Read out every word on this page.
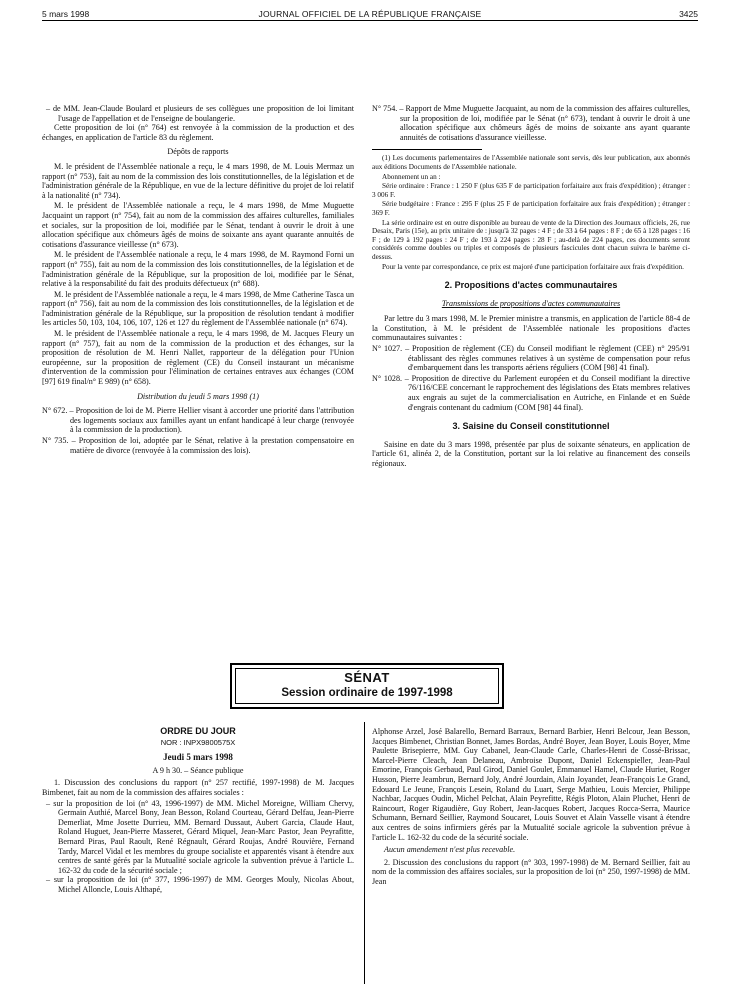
5 mars 1998	JOURNAL OFFICIEL DE LA RÉPUBLIQUE FRANÇAISE	3425

– de MM. Jean-Claude Boulard et plusieurs de ses collègues une proposition de loi limitant l'usage de l'appellation et de l'enseigne de boulangerie.

Cette proposition de loi (n° 764) est renvoyée à la commission de la production et des échanges, en application de l'article 83 du règlement.

Dépôts de rapports

M. le président de l'Assemblée nationale a reçu, le 4 mars 1998, de M. Louis Mermaz un rapport (n° 753), fait au nom de la commission des lois constitutionnelles, de la législation et de l'administration générale de la République, en vue de la lecture définitive du projet de loi relatif à la nationalité (n° 734).

M. le président de l'Assemblée nationale a reçu, le 4 mars 1998, de Mme Muguette Jacquaint un rapport (n° 754), fait au nom de la commission des affaires culturelles, familiales et sociales, sur la proposition de loi, modifiée par le Sénat, tendant à ouvrir le droit à une allocation spécifique aux chômeurs âgés de moins de soixante ans ayant quarante annuités de cotisations d'assurance vieillesse (n° 673).

M. le président de l'Assemblée nationale a reçu, le 4 mars 1998, de M. Raymond Forni un rapport (n° 755), fait au nom de la commission des lois constitutionnelles, de la législation et de l'administration générale de la République, sur la proposition de loi, modifiée par le Sénat, relative à la responsabilité du fait des produits défectueux (n° 688).

M. le président de l'Assemblée nationale a reçu, le 4 mars 1998, de Mme Catherine Tasca un rapport (n° 756), fait au nom de la commission des lois constitutionnelles, de la législation et de l'administration générale de la République, sur la proposition de résolution tendant à modifier les articles 50, 103, 104, 106, 107, 126 et 127 du règlement de l'Assemblée nationale (n° 674).

M. le président de l'Assemblée nationale a reçu, le 4 mars 1998, de M. Jacques Fleury un rapport (n° 757), fait au nom de la commission de la production et des échanges, sur la proposition de résolution de M. Henri Nallet, rapporteur de la délégation pour l'Union européenne, sur la proposition de règlement (CE) du Conseil instaurant un mécanisme d'intervention de la commission pour l'élimination de certaines entraves aux échanges (COM [97] 619 final/n° E 989) (n° 658).

Distribution du jeudi 5 mars 1998 (1)

N° 672. – Proposition de loi de M. Pierre Hellier visant à accorder une priorité dans l'attribution des logements sociaux aux familles ayant un enfant handicapé à leur charge (renvoyée à la commission de la production).

N° 735. – Proposition de loi, adoptée par le Sénat, relative à la prestation compensatoire en matière de divorce (renvoyée à la commission des lois).

N° 754. – Rapport de Mme Muguette Jacquaint, au nom de la commission des affaires culturelles, sur la proposition de loi, modifiée par le Sénat (n° 673), tendant à ouvrir le droit à une allocation spécifique aux chômeurs âgés de moins de soixante ans ayant quarante annuités de cotisations d'assurance vieillesse.

(1) Les documents parlementaires de l'Assemblée nationale sont servis, dès leur publication, aux abonnés aux éditions Documents de l'Assemblée nationale.

Abonnement un an :

Série ordinaire : France : 1 250 F (plus 635 F de participation forfaitaire aux frais d'expédition) ; étranger : 3 006 F.

Série budgétaire : France : 295 F (plus 25 F de participation forfaitaire aux frais d'expédition) ; étranger : 369 F.

La série ordinaire est en outre disponible au bureau de vente de la Direction des Journaux officiels, 26, rue Desaix, Paris (15e), au prix unitaire de : jusqu'à 32 pages : 4 F ; de 33 à 64 pages : 8 F ; de 65 à 128 pages : 16 F ; de 129 à 192 pages : 24 F ; de 193 à 224 pages : 28 F ; au-delà de 224 pages, ces documents seront considérés comme doubles ou triples et composés de plusieurs fascicules dont chacun suivra le barème ci-dessus.

Pour la vente par correspondance, ce prix est majoré d'une participation forfaitaire aux frais d'expédition.

2. Propositions d'actes communautaires

Transmissions de propositions d'actes communautaires

Par lettre du 3 mars 1998, M. le Premier ministre a transmis, en application de l'article 88-4 de la Constitution, à M. le président de l'Assemblée nationale les propositions d'actes communautaires suivantes :

N° 1027. – Proposition de règlement (CE) du Conseil modifiant le règlement (CEE) n° 295/91 établissant des règles communes relatives à un système de compensation pour refus d'embarquement dans les transports aériens réguliers (COM [98] 41 final).

N° 1028. – Proposition de directive du Parlement européen et du Conseil modifiant la directive 76/116/CEE concernant le rapprochement des législations des Etats membres relatives aux engrais au sujet de la commercialisation en Autriche, en Finlande et en Suède d'engrais contenant du cadmium (COM [98] 44 final).

3. Saisine du Conseil constitutionnel

Saisine en date du 3 mars 1998, présentée par plus de soixante sénateurs, en application de l'article 61, alinéa 2, de la Constitution, portant sur la loi relative au financement des conseils régionaux.

SÉNAT
Session ordinaire de 1997-1998
ORDRE DU JOUR
NOR : INPX9800575X
Jeudi 5 mars 1998

A 9 h 30. – Séance publique

1. Discussion des conclusions du rapport (n° 257 rectifié, 1997-1998) de M. Jacques Bimbenet, fait au nom de la commission des affaires sociales :

– sur la proposition de loi (n° 43, 1996-1997) de MM. Michel Moreigne, William Chervy, Germain Authié, Marcel Bony, Jean Besson, Roland Courteau, Gérard Delfau, Jean-Pierre Demerliat, Mme Josette Durrieu, MM. Bernard Dussaut, Aubert Garcia, Claude Haut, Roland Huguet, Jean-Pierre Masseret, Gérard Miquel, Jean-Marc Pastor, Jean Peyrafitte, Bernard Piras, Paul Raoult, René Régnault, Gérard Roujas, André Rouvière, Fernand Tardy, Marcel Vidal et les membres du groupe socialiste et apparentés visant à étendre aux centres de santé gérés par la Mutualité sociale agricole la subvention prévue à l'article L. 162-32 du code de la sécurité sociale ;

– sur la proposition de loi (n° 377, 1996-1997) de MM. Georges Mouly, Nicolas About, Michel Alloncle, Louis Althapé,

Alphonse Arzel, José Balarello, Bernard Barraux, Bernard Barbier, Henri Belcour, Jean Besson, Jacques Bimbenet, Christian Bonnet, James Bordas, André Boyer, Jean Boyer, Louis Boyer, Mme Paulette Brisepierre, MM. Guy Cabanel, Jean-Claude Carle, Charles-Henri de Cossé-Brissac, Marcel-Pierre Cleach, Jean Delaneau, Ambroise Dupont, Daniel Eckenspieller, Jean-Paul Emorine, François Gerbaud, Paul Girod, Daniel Goulet, Emmanuel Hamel, Claude Huriet, Roger Husson, Pierre Jeambrun, Bernard Joly, André Jourdain, Alain Joyandet, Jean-François Le Grand, Edouard Le Jeune, François Lesein, Roland du Luart, Serge Mathieu, Louis Mercier, Philippe Nachbar, Jacques Oudin, Michel Pelchat, Alain Peyrefitte, Régis Ploton, Alain Pluchet, Henri de Raincourt, Roger Rigaudière, Guy Robert, Jean-Jacques Robert, Jacques Rocca-Serra, Maurice Schumann, Bernard Seillier, Raymond Soucaret, Louis Souvet et Alain Vasselle visant à étendre aux centres de soins infirmiers gérés par la Mutualité sociale agricole la subvention prévue à l'article L. 162-32 du code de la sécurité sociale.

Aucun amendement n'est plus recevable.

2. Discussion des conclusions du rapport (n° 303, 1997-1998) de M. Bernard Seillier, fait au nom de la commission des affaires sociales, sur la proposition de loi (n° 250, 1997-1998) de MM. Jean
